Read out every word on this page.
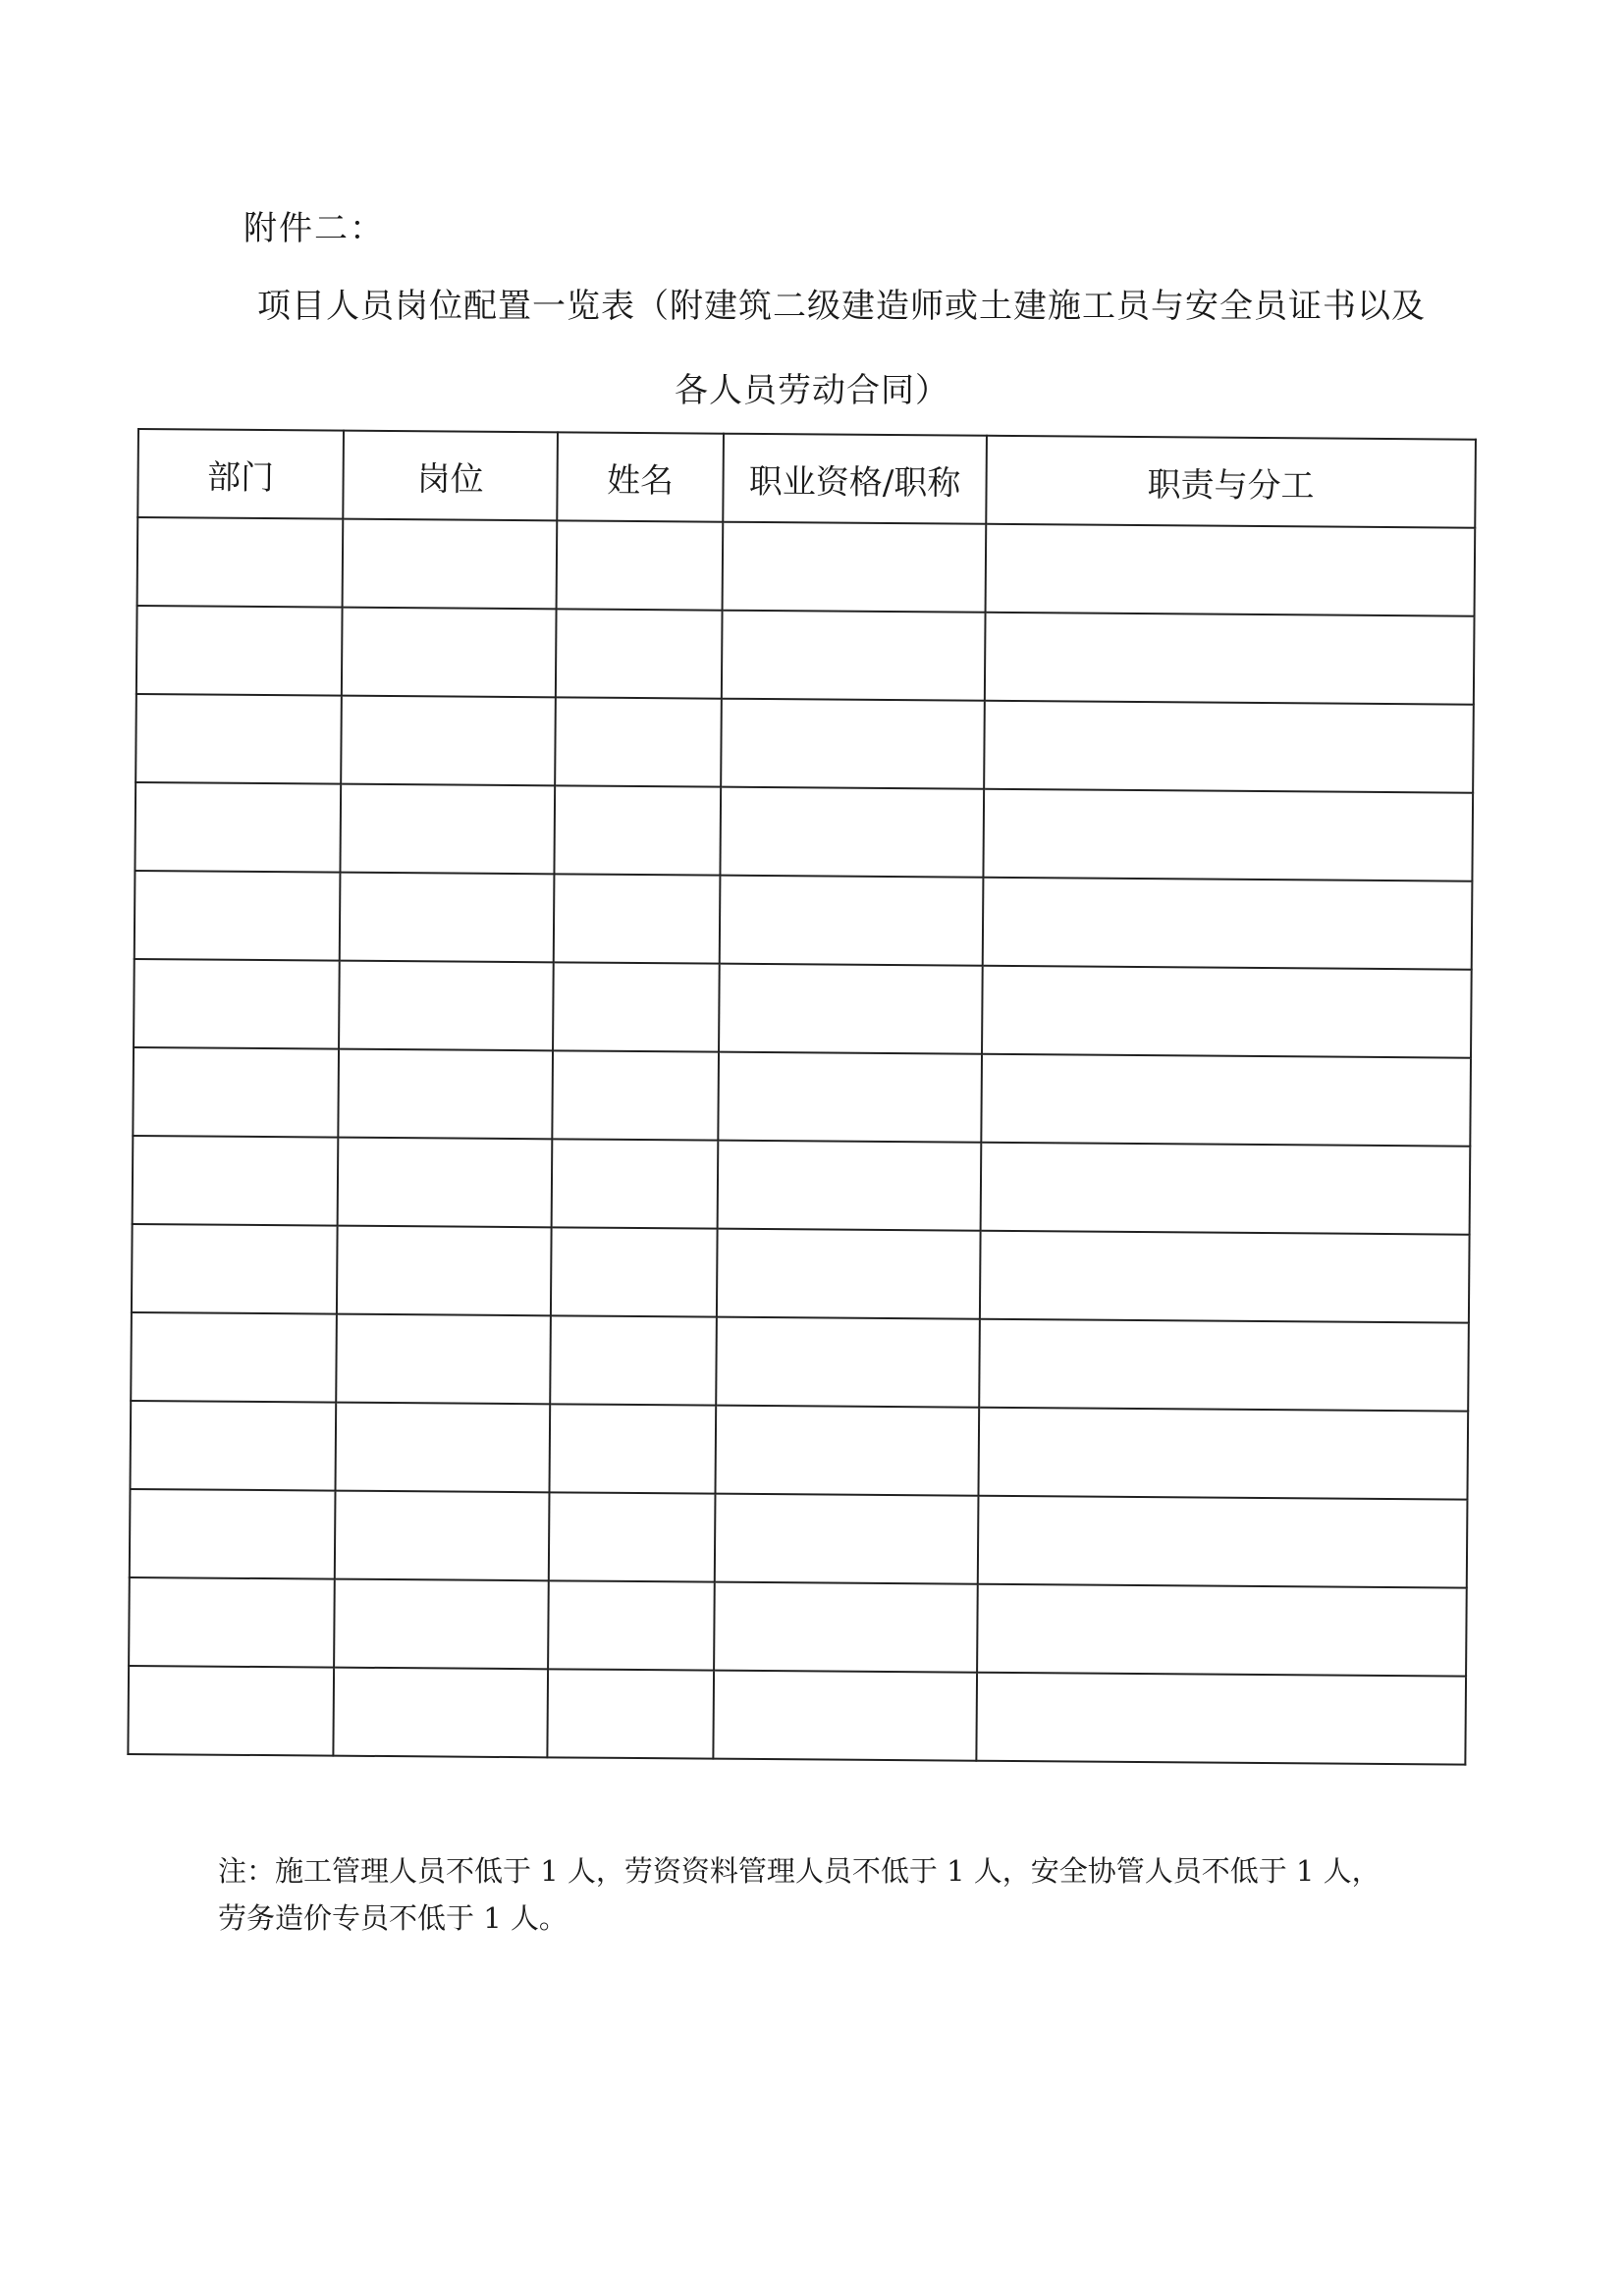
附件二：
项目人员岗位配置一览表（附建筑二级建造师或土建施工员与安全员证书以及
各人员劳动合同）
部门	岗位	姓名	职业资格/职称	职责与分工

注：施工管理人员不低于 1 人，劳资资料管理人员不低于 1 人，安全协管人员不低于 1 人，
劳务造价专员不低于 1 人。
